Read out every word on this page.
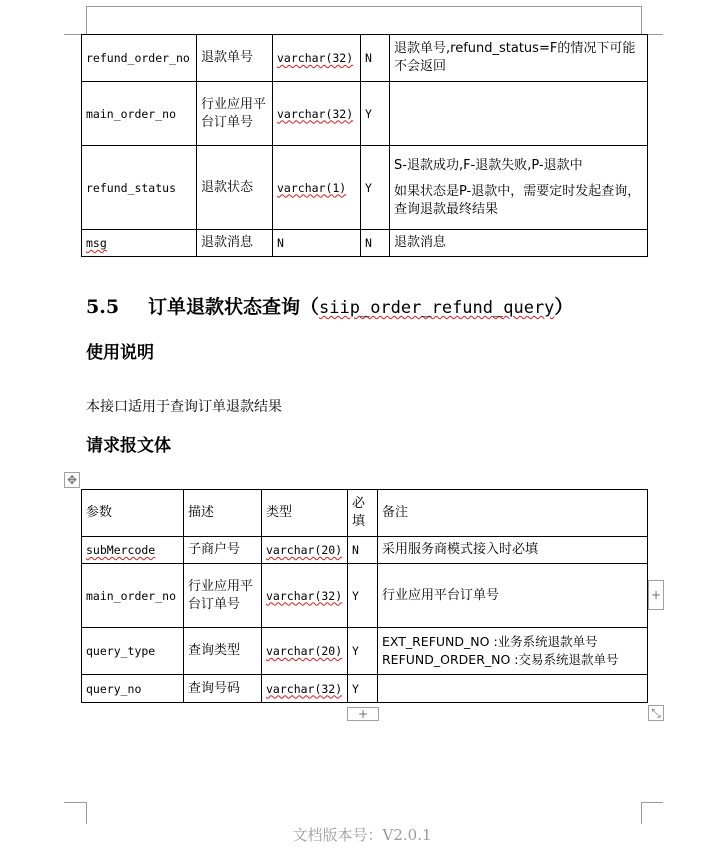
refund_order_no	退款单号	varchar(32)	N	退款单号,refund_status=F的情况下可能不会返回
main_order_no	行业应用平台订单号	varchar(32)	Y	
refund_status	退款状态	varchar(1)	Y	S-退款成功,F-退款失败,P-退款中
如果状态是P-退款中，需要定时发起查询，查询退款最终结果
msg	退款消息	N	N	退款消息
5.5 订单退款状态查询（siip_order_refund_query）
使用说明
本接口适用于查询订单退款结果
请求报文体
✥
参数	描述	类型	必填	备注
subMercode	子商户号	varchar(20)	N	采用服务商模式接入时必填
main_order_no	行业应用平台订单号	varchar(32)	Y	行业应用平台订单号
query_type	查询类型	varchar(20)	Y	EXT_REFUND_NO :业务系统退款单号
REFUND_ORDER_NO :交易系统退款单号

query_no	查询号码	varchar(32)	Y	
+
+	⤡
文档版本号：V2.0.1
